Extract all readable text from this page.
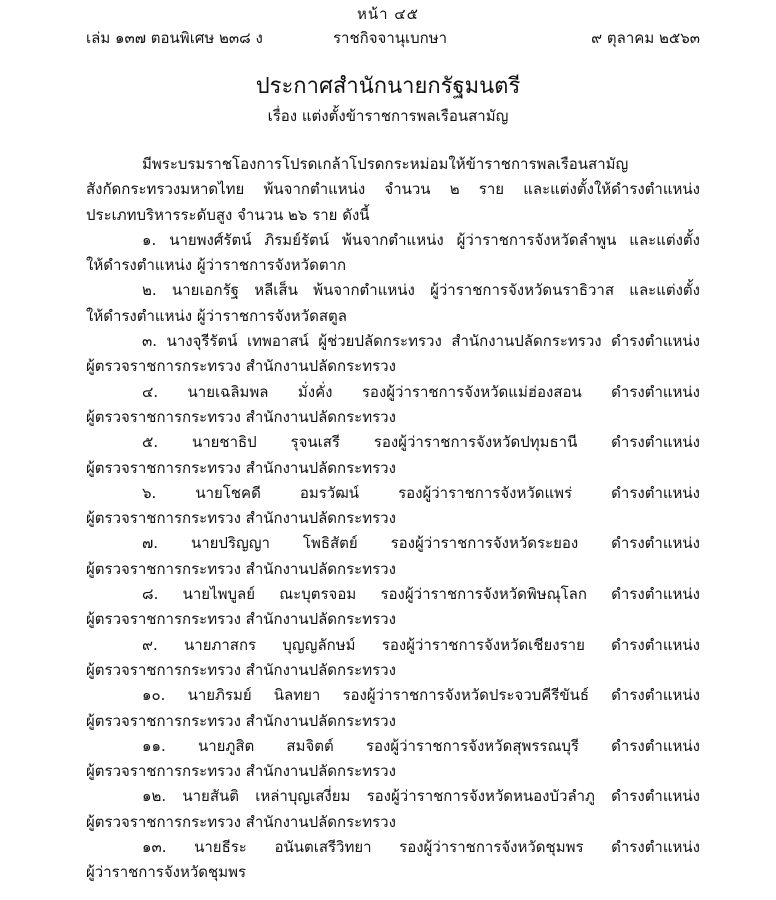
หน้า ๔๕
เล่ม ๑๓๗ ตอนพิเศษ ๒๓๘ ง	ราชกิจจานุเบกษา	๙ ตุลาคม ๒๕๖๓
ประกาศสำนักนายกรัฐมนตรี
เรื่อง แต่งตั้งข้าราชการพลเรือนสามัญ
มีพระบรมราชโองการโปรดเกล้าโปรดกระหม่อมให้ข้าราชการพลเรือนสามัญ
สังกัดกระทรวงมหาดไทย พ้นจากตำแหน่ง จำนวน ๒ ราย และแต่งตั้งให้ดำรงตำแหน่ง
ประเภทบริหารระดับสูง จำนวน ๒๖ ราย ดังนี้
๑. นายพงศ์รัตน์ ภิรมย์รัตน์ พ้นจากตำแหน่ง ผู้ว่าราชการจังหวัดลำพูน และแต่งตั้ง
ให้ดำรงตำแหน่ง ผู้ว่าราชการจังหวัดตาก
๒. นายเอกรัฐ หลีเส็น พ้นจากตำแหน่ง ผู้ว่าราชการจังหวัดนราธิวาส และแต่งตั้ง
ให้ดำรงตำแหน่ง ผู้ว่าราชการจังหวัดสตูล
๓. นางจุรีรัตน์ เทพอาสน์ ผู้ช่วยปลัดกระทรวง สำนักงานปลัดกระทรวง ดำรงตำแหน่ง
ผู้ตรวจราชการกระทรวง สำนักงานปลัดกระทรวง
๔. นายเฉลิมพล มั่งคั่ง รองผู้ว่าราชการจังหวัดแม่ฮ่องสอน ดำรงตำแหน่ง
ผู้ตรวจราชการกระทรวง สำนักงานปลัดกระทรวง
๕. นายชาธิป รุจนเสรี รองผู้ว่าราชการจังหวัดปทุมธานี ดำรงตำแหน่ง
ผู้ตรวจราชการกระทรวง สำนักงานปลัดกระทรวง
๖. นายโชคดี อมรวัฒน์ รองผู้ว่าราชการจังหวัดแพร่ ดำรงตำแหน่ง
ผู้ตรวจราชการกระทรวง สำนักงานปลัดกระทรวง
๗. นายปริญญา โพธิสัตย์ รองผู้ว่าราชการจังหวัดระยอง ดำรงตำแหน่ง
ผู้ตรวจราชการกระทรวง สำนักงานปลัดกระทรวง
๘. นายไพบูลย์ ณะบุตรจอม รองผู้ว่าราชการจังหวัดพิษณุโลก ดำรงตำแหน่ง
ผู้ตรวจราชการกระทรวง สำนักงานปลัดกระทรวง
๙. นายภาสกร บุญญลักษม์ รองผู้ว่าราชการจังหวัดเชียงราย ดำรงตำแหน่ง
ผู้ตรวจราชการกระทรวง สำนักงานปลัดกระทรวง
๑๐. นายภิรมย์ นิลทยา รองผู้ว่าราชการจังหวัดประจวบคีรีขันธ์ ดำรงตำแหน่ง
ผู้ตรวจราชการกระทรวง สำนักงานปลัดกระทรวง
๑๑. นายภูสิต สมจิตต์ รองผู้ว่าราชการจังหวัดสุพรรณบุรี ดำรงตำแหน่ง
ผู้ตรวจราชการกระทรวง สำนักงานปลัดกระทรวง
๑๒. นายสันติ เหล่าบุญเสงี่ยม รองผู้ว่าราชการจังหวัดหนองบัวลำภู ดำรงตำแหน่ง
ผู้ตรวจราชการกระทรวง สำนักงานปลัดกระทรวง
๑๓. นายธีระ อนันตเสรีวิทยา รองผู้ว่าราชการจังหวัดชุมพร ดำรงตำแหน่ง
ผู้ว่าราชการจังหวัดชุมพร
